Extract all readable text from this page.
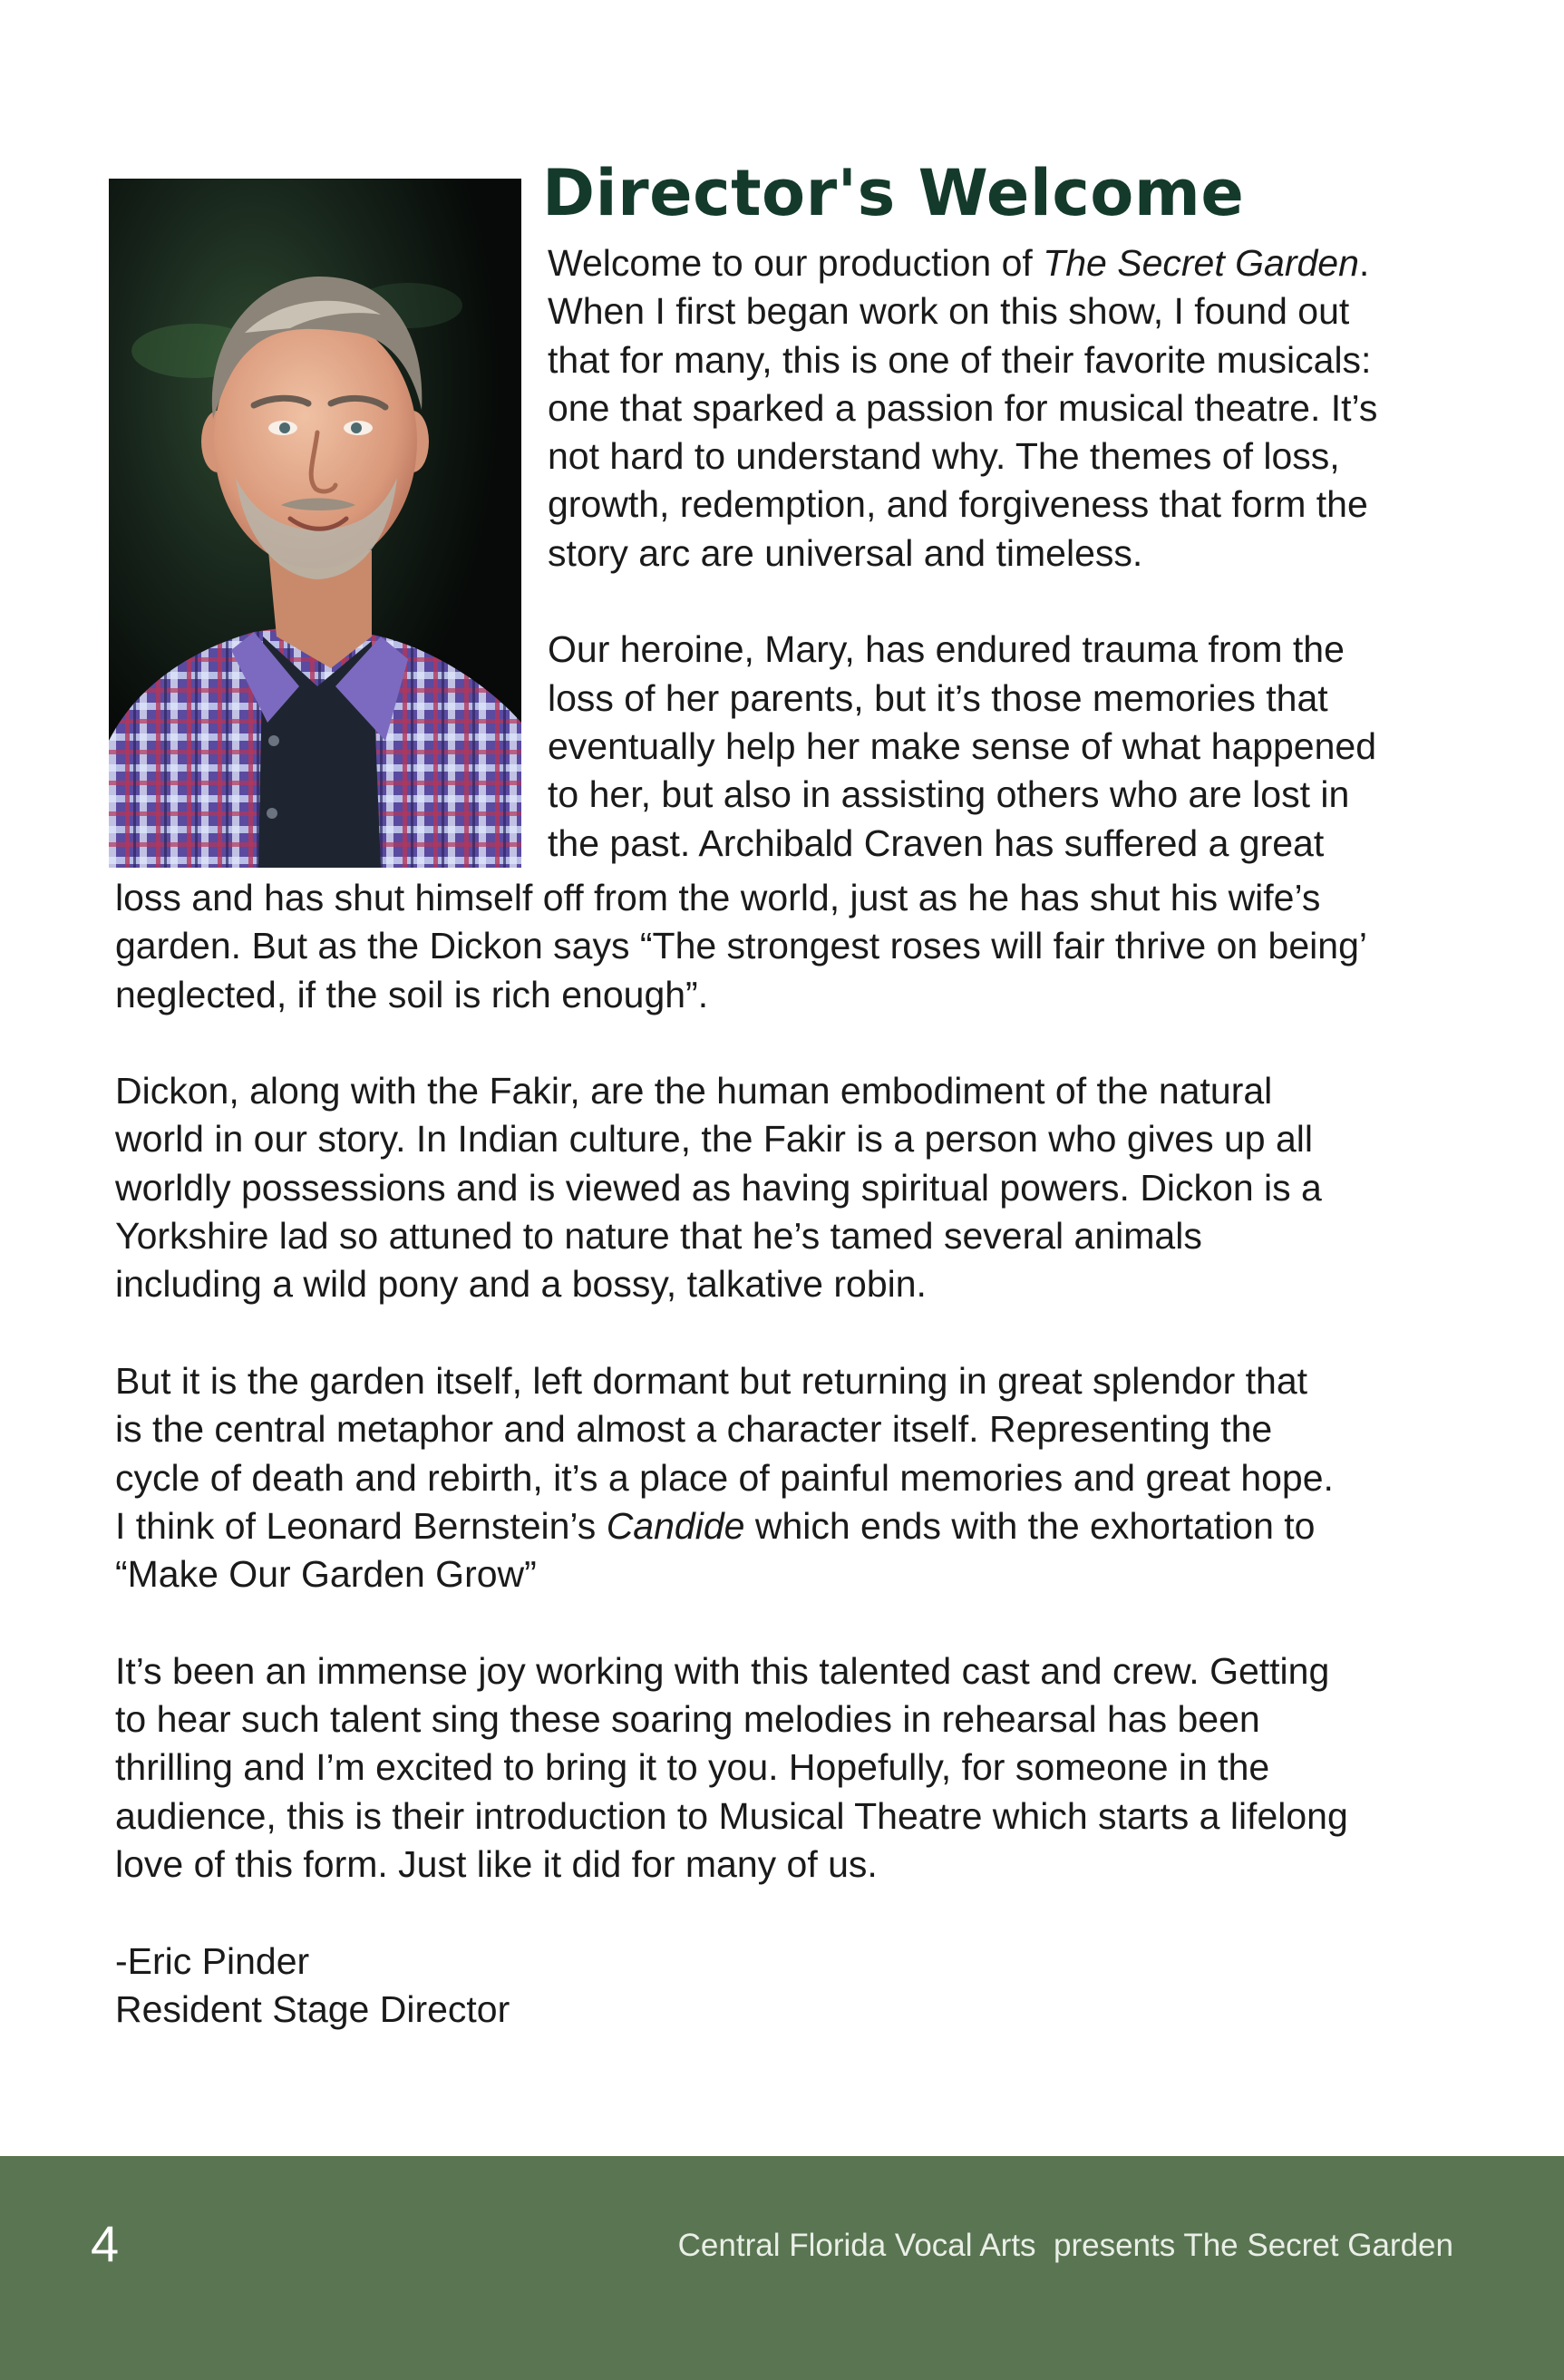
Director's Welcome
Welcome to our production of The Secret Garden.
When I first began work on this show, I found out
that for many, this is one of their favorite musicals:
one that sparked a passion for musical theatre. It’s
not hard to understand why. The themes of loss,
growth, redemption, and forgiveness that form the
story arc are universal and timeless.
Our heroine, Mary, has endured trauma from the
loss of her parents, but it’s those memories that
eventually help her make sense of what happened
to her, but also in assisting others who are lost in
the past. Archibald Craven has suffered a great
loss and has shut himself off from the world, just as he has shut his wife’s
garden. But as the Dickon says “The strongest roses will fair thrive on being’
neglected, if the soil is rich enough”.
Dickon, along with the Fakir, are the human embodiment of the natural
world in our story. In Indian culture, the Fakir is a person who gives up all
worldly possessions and is viewed as having spiritual powers. Dickon is a
Yorkshire lad so attuned to nature that he’s tamed several animals
including a wild pony and a bossy, talkative robin.
But it is the garden itself, left dormant but returning in great splendor that
is the central metaphor and almost a character itself. Representing the
cycle of death and rebirth, it’s a place of painful memories and great hope.
I think of Leonard Bernstein’s Candide which ends with the exhortation to
“Make Our Garden Grow”
It’s been an immense joy working with this talented cast and crew. Getting
to hear such talent sing these soaring melodies in rehearsal has been
thrilling and I’m excited to bring it to you. Hopefully, for someone in the
audience, this is their introduction to Musical Theatre which starts a lifelong
love of this form. Just like it did for many of us.
-Eric Pinder
Resident Stage Director
4	Central Florida Vocal Arts  presents The Secret Garden
